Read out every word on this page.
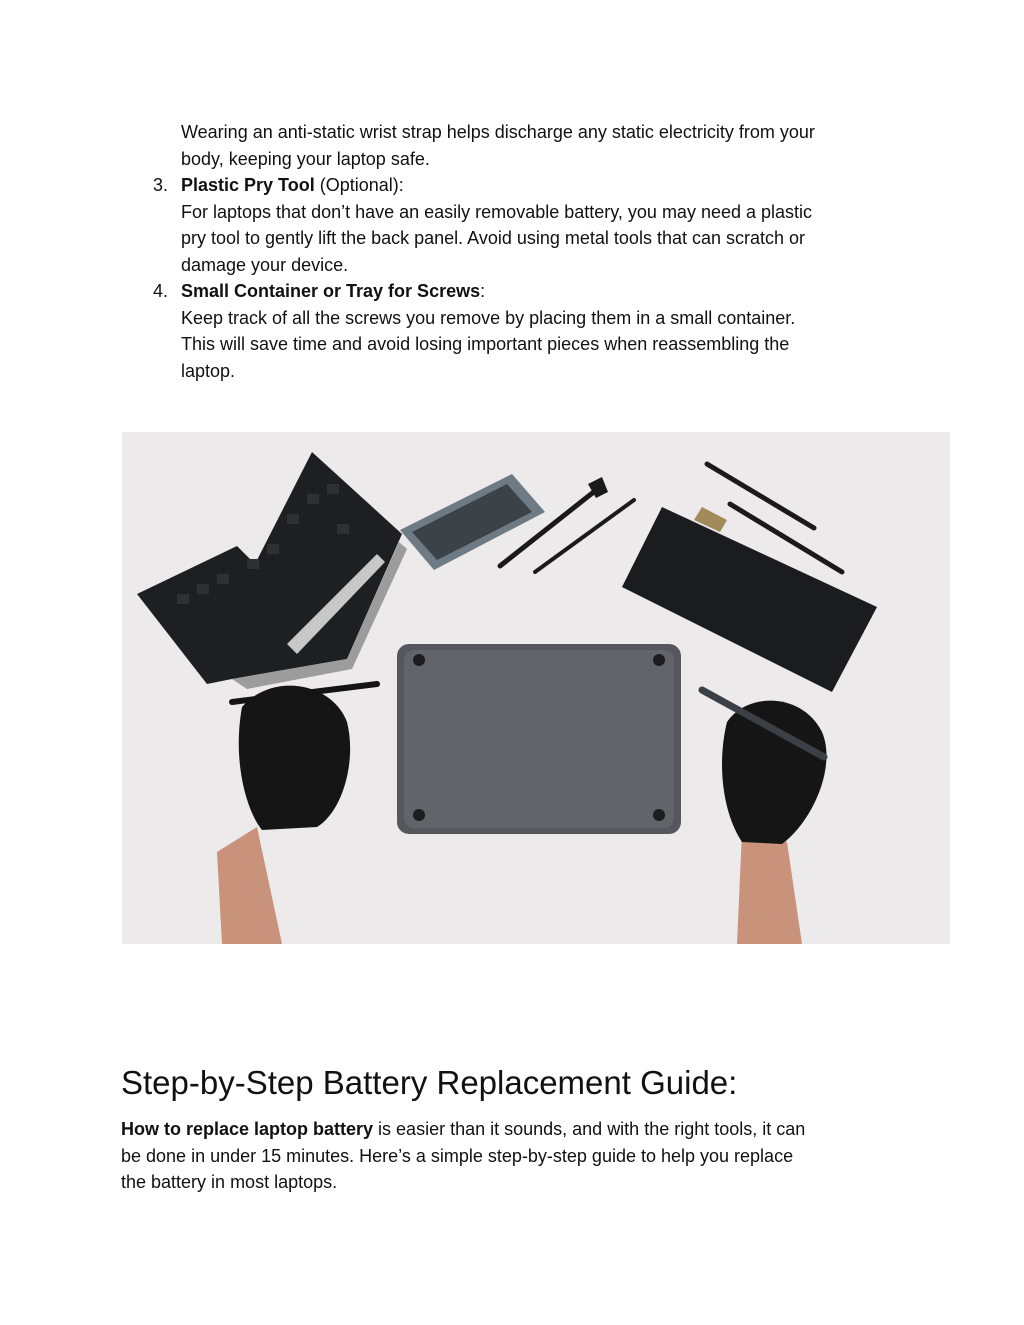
Wearing an anti-static wrist strap helps discharge any static electricity from your
body, keeping your laptop safe.
3. Plastic Pry Tool (Optional):
For laptops that don’t have an easily removable battery, you may need a plastic
pry tool to gently lift the back panel. Avoid using metal tools that can scratch or
damage your device.
4. Small Container or Tray for Screws:
Keep track of all the screws you remove by placing them in a small container.
This will save time and avoid losing important pieces when reassembling the
laptop.
Step-by-Step Battery Replacement Guide:
How to replace laptop battery is easier than it sounds, and with the right tools, it can
be done in under 15 minutes. Here’s a simple step-by-step guide to help you replace
the battery in most laptops.
